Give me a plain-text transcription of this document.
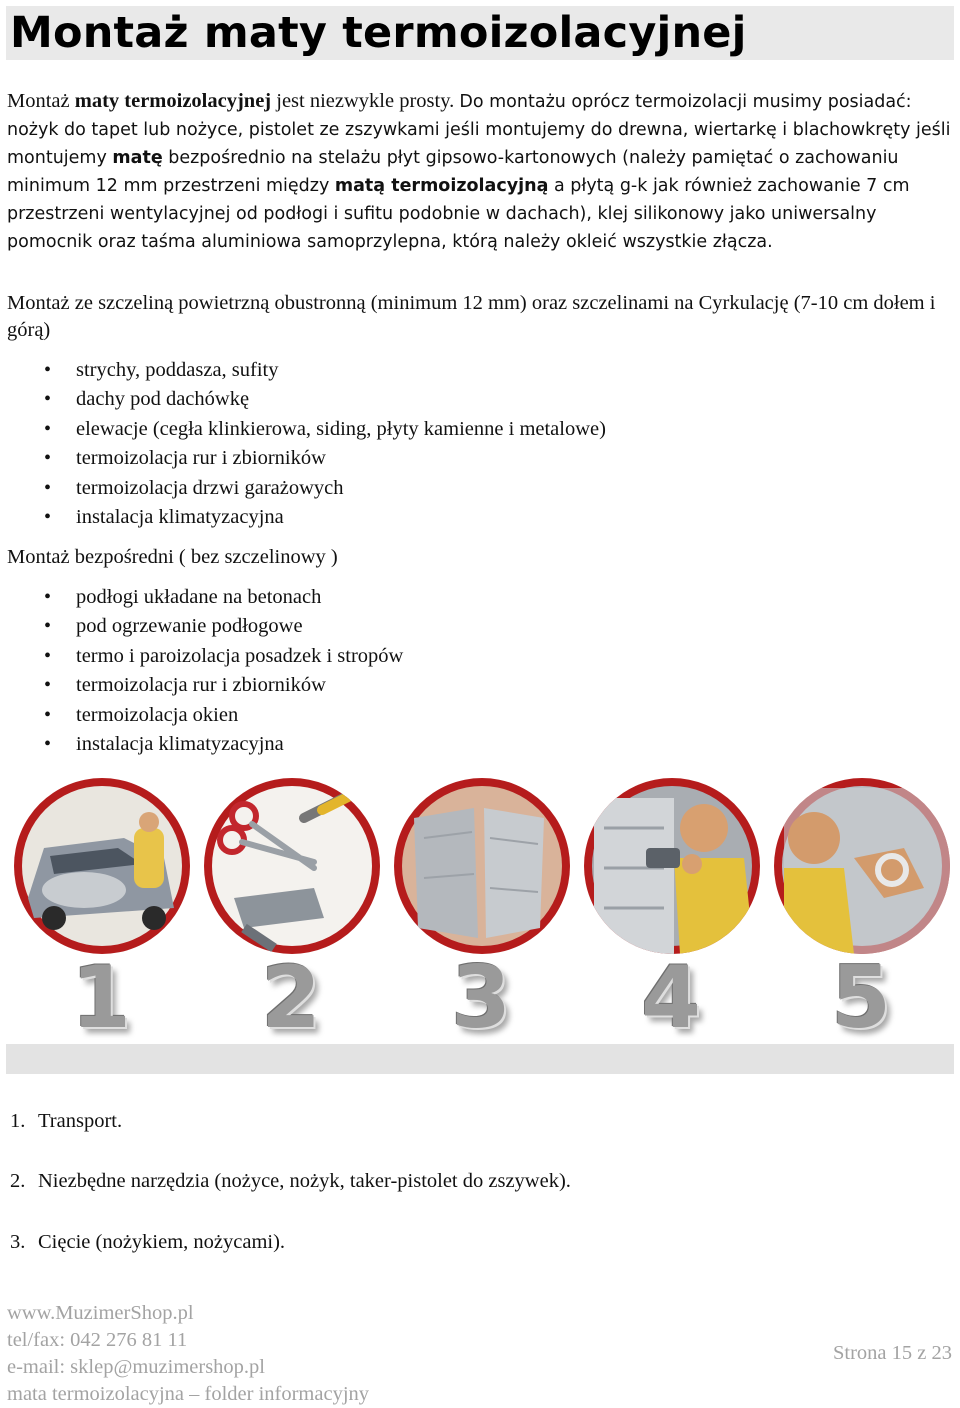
Montaż maty termoizolacyjnej

Montaż maty termoizolacyjnej jest niezwykle prosty. Do montażu oprócz termoizolacji musimy posiadać: nożyk do tapet lub nożyce, pistolet ze zszywkami jeśli montujemy do drewna, wiertarkę i blachowkręty jeśli montujemy matę bezpośrednio na stelażu płyt gipsowo-kartonowych (należy pamiętać o zachowaniu minimum 12 mm przestrzeni między matą termoizolacyjną a płytą g-k jak również zachowanie 7 cm przestrzeni wentylacyjnej od podłogi i sufitu podobnie w dachach), klej silikonowy jako uniwersalny pomocnik oraz taśma aluminiowa samoprzylepna, którą należy okleić wszystkie złącza.

Montaż ze szczeliną powietrzną obustronną (minimum 12 mm) oraz szczelinami na Cyrkulację (7-10 cm dołem i górą)

• strychy, poddasza, sufity
• dachy pod dachówkę
• elewacje (cegła klinkierowa, siding, płyty kamienne i metalowe)
• termoizolacja rur i zbiorników
• termoizolacja drzwi garażowych
• instalacja klimatyzacyjna

Montaż bezpośredni ( bez szczelinowy )

• podłogi układane na betonach
• pod ogrzewanie podłogowe
• termo i paroizolacja posadzek i stropów
• termoizolacja rur i zbiorników
• termoizolacja okien
• instalacja klimatyzacyjna
1	2	3	4	5
1. Transport.
2. Niezbędne narzędzia (nożyce, nożyk, taker-pistolet do zszywek).
3. Cięcie (nożykiem, nożycami).
www.MuzimerShop.pl
tel/fax: 042 276 81 11
e-mail: sklep@muzimershop.pl
mata termoizolacyjna – folder informacyjny
Strona 15 z 23
